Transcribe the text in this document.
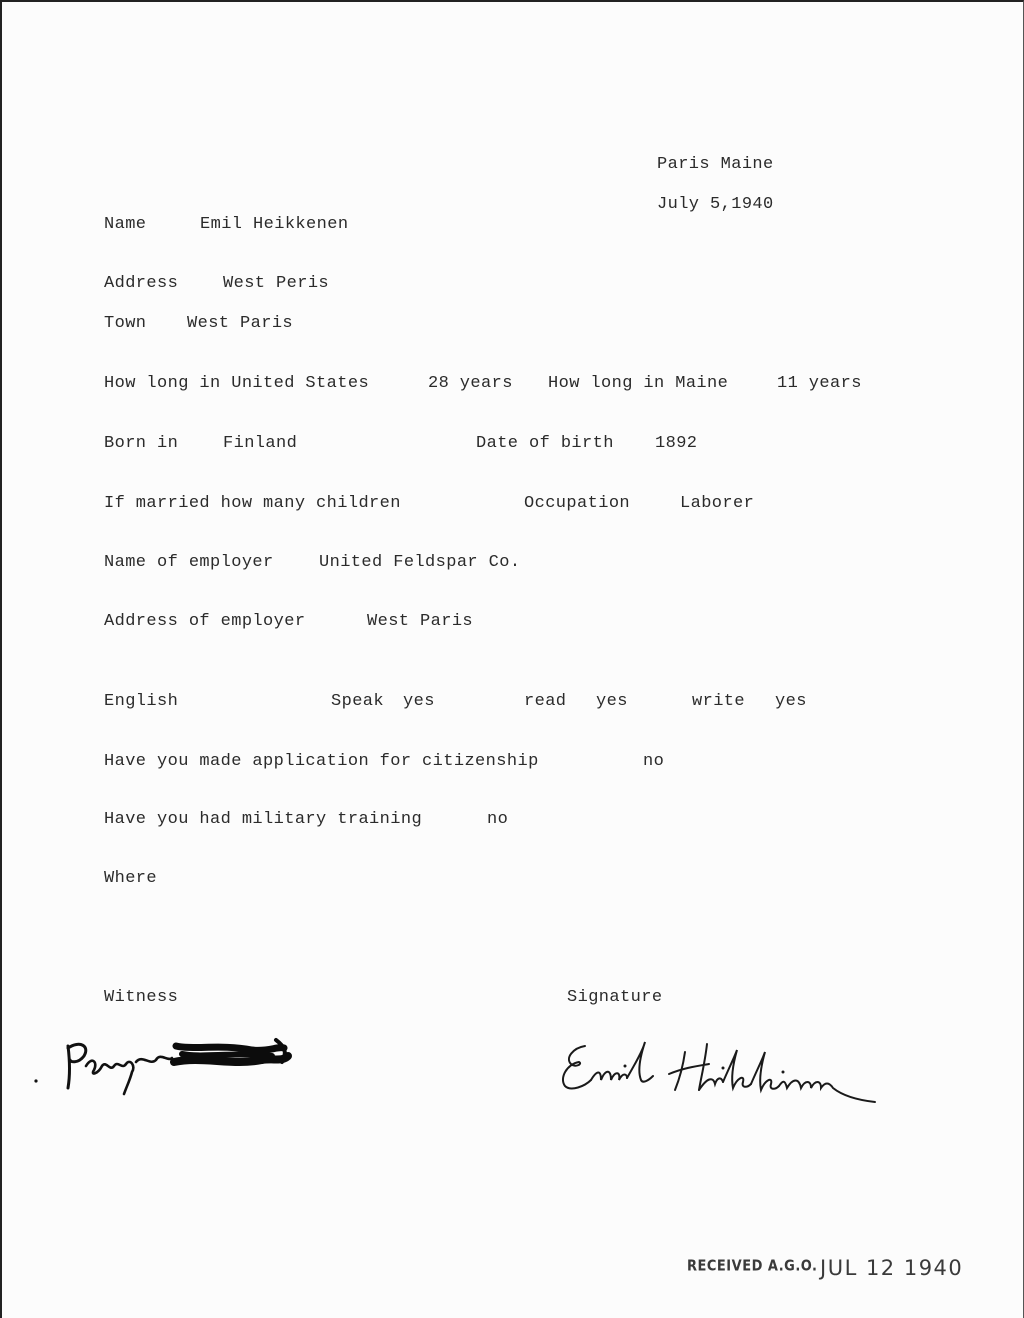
Paris Maine
July 5,1940
Name	Emil Heikkenen
Address	West Peris
Town West Paris
How long in United States	28 years How long in Maine	11 years
Born in	Finland	Date of birth 1892
If married how many children	Occupation	Laborer
Name of employer	United Feldspar Co.
Address of employer	West Paris
English	Speak yes	read yes	write yes
Have you made application for citizenship	no
Have you had military training	no
Where
Witness	Signature
RECEIVED A.G.O. JUL 12 1940
